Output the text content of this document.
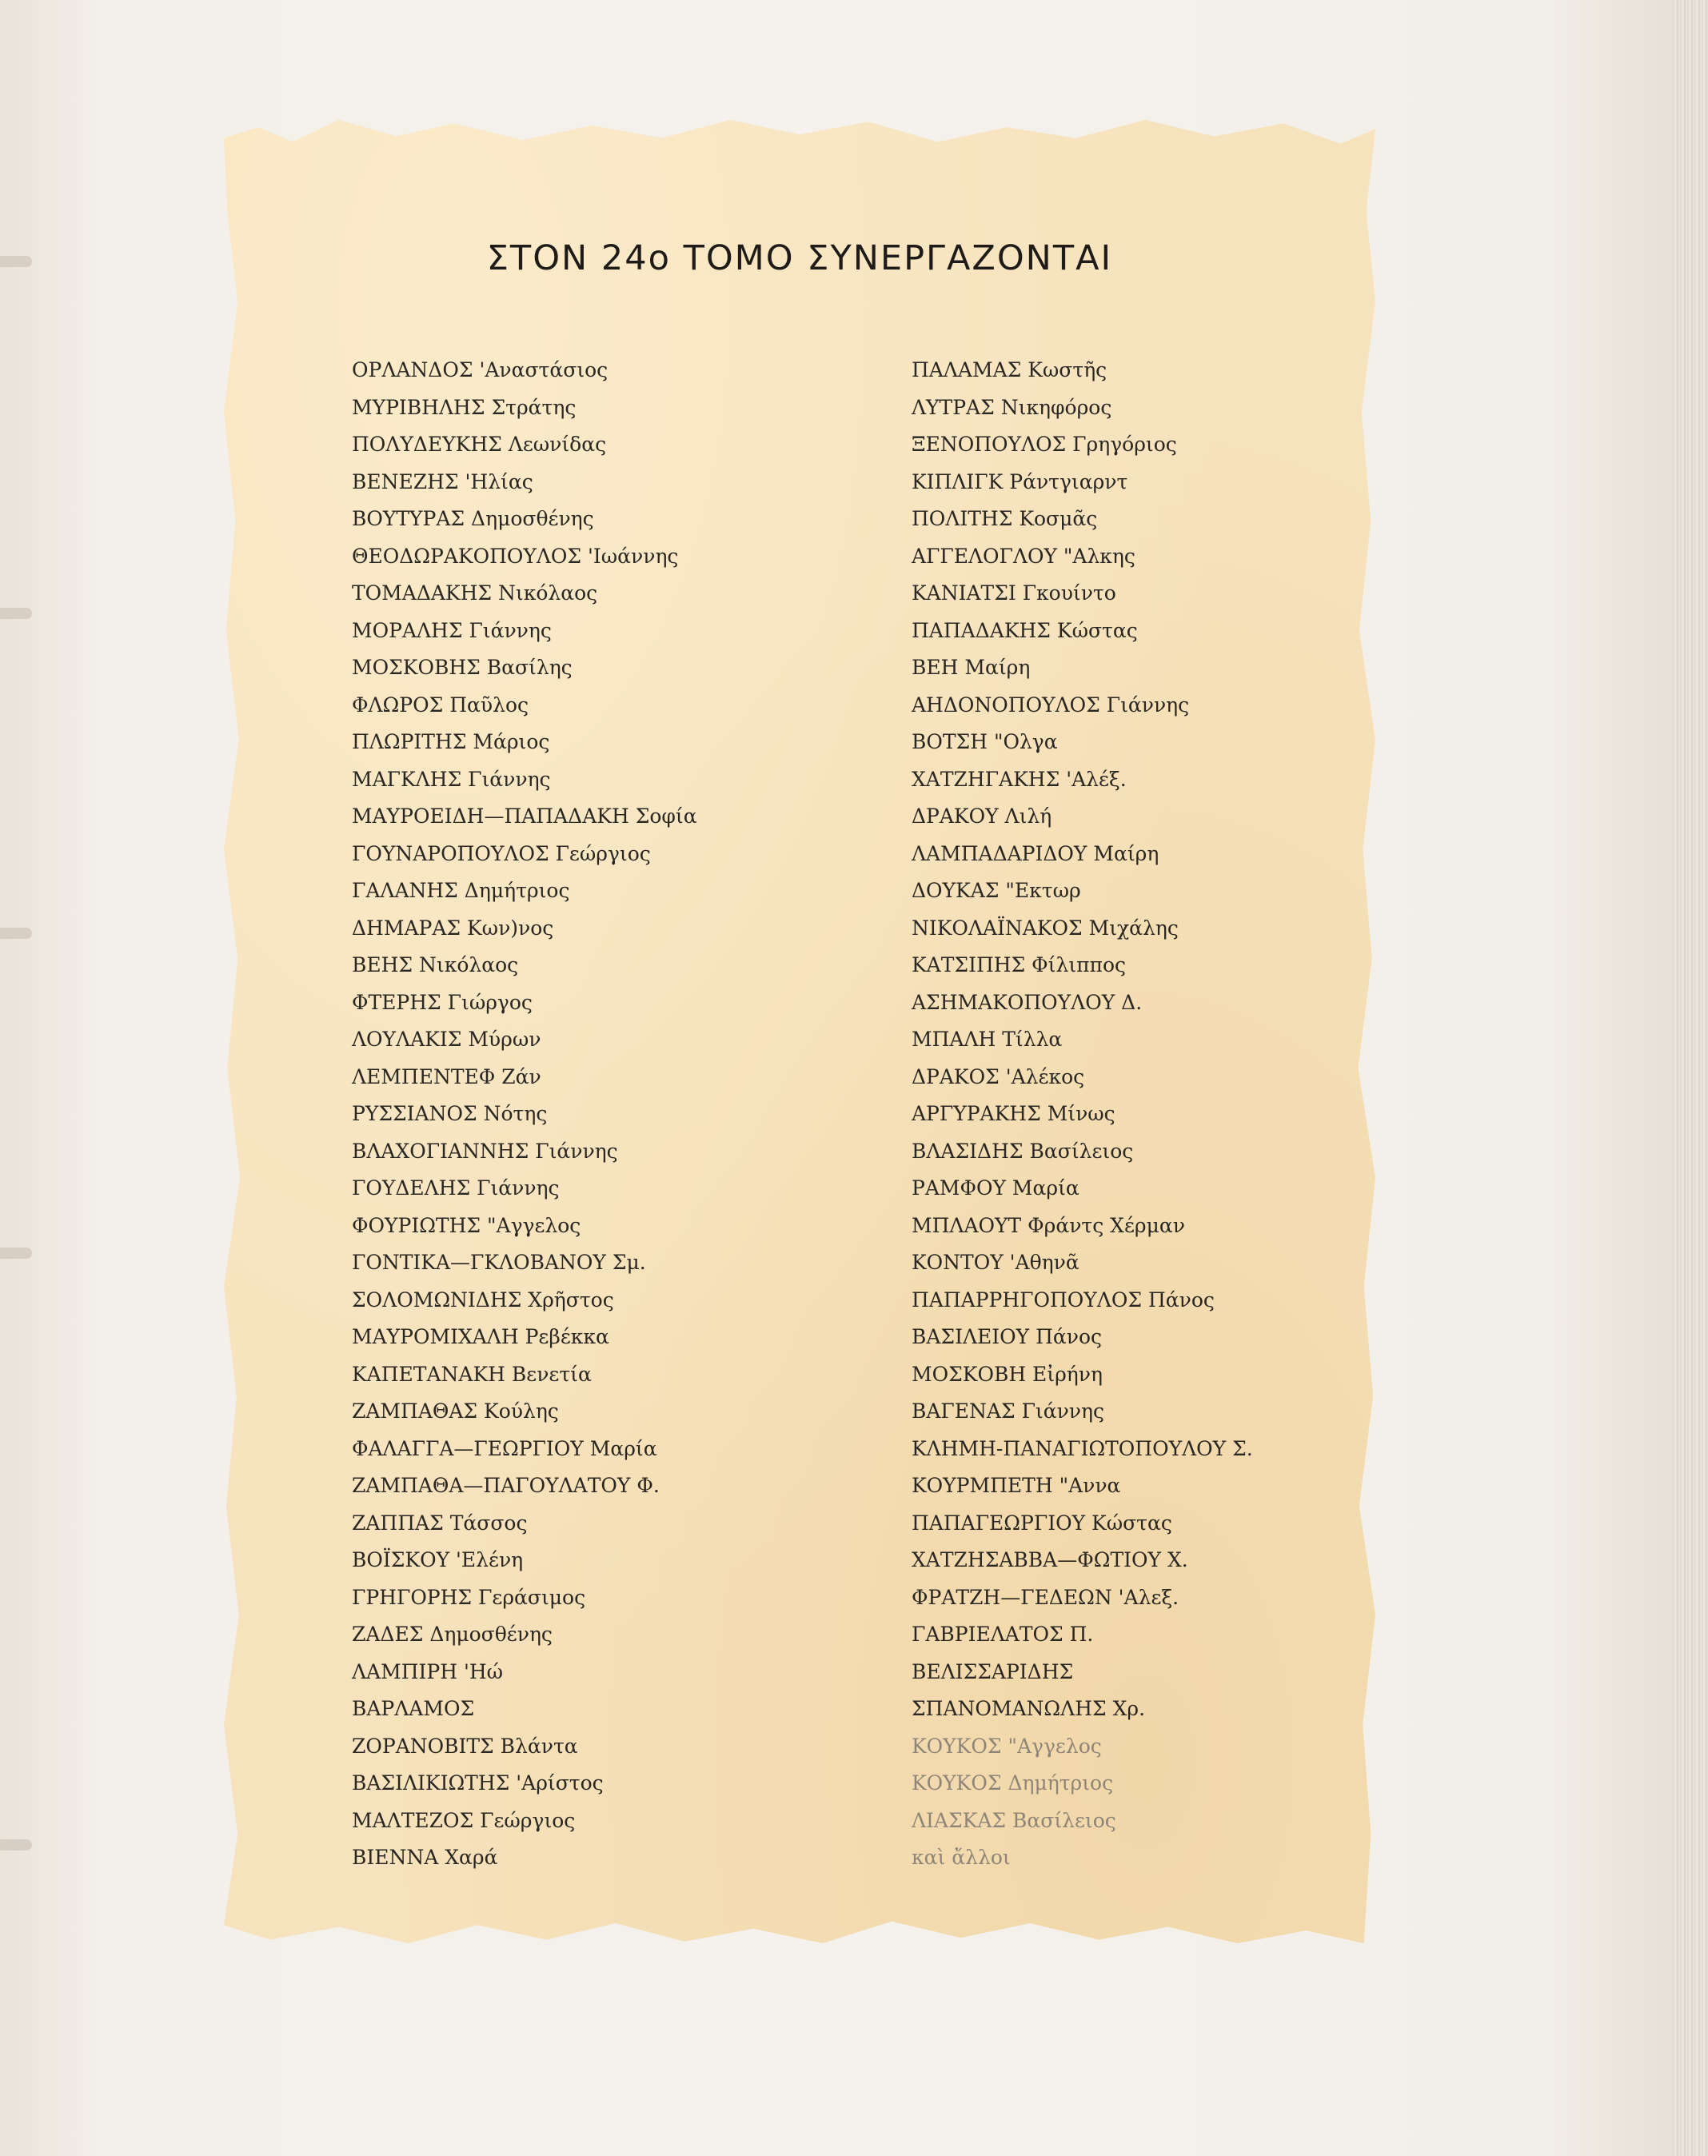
ΣΤΟΝ 24ο ΤΟΜΟ ΣΥΝΕΡΓΑΖΟΝΤΑΙ
ΟΡΛΑΝΔΟΣ 'Αναστάσιος
ΜΥΡΙΒΗΛΗΣ Στράτης
ΠΟΛΥΔΕΥΚΗΣ Λεωνίδας
ΒΕΝΕΖΗΣ 'Ηλίας
ΒΟΥΤΥΡΑΣ Δημοσθένης
ΘΕΟΔΩΡΑΚΟΠΟΥΛΟΣ 'Ιωάννης
ΤΟΜΑΔΑΚΗΣ Νικόλαος
ΜΟΡΑΛΗΣ Γιάννης
ΜΟΣΚΟΒΗΣ Βασίλης
ΦΛΩΡΟΣ Παῦλος
ΠΛΩΡΙΤΗΣ Μάριος
ΜΑΓΚΛΗΣ Γιάννης
ΜΑΥΡΟΕΙΔΗ—ΠΑΠΑΔΑΚΗ Σοφία
ΓΟΥΝΑΡΟΠΟΥΛΟΣ Γεώργιος
ΓΑΛΑΝΗΣ Δημήτριος
ΔΗΜΑΡΑΣ Κων)νος
ΒΕΗΣ Νικόλαος
ΦΤΕΡΗΣ Γιώργος
ΛΟΥΛΑΚΙΣ Μύρων
ΛΕΜΠΕΝΤΕΦ Ζάν
ΡΥΣΣΙΑΝΟΣ Νότης
ΒΛΑΧΟΓΙΑΝΝΗΣ Γιάννης
ΓΟΥΔΕΛΗΣ Γιάννης
ΦΟΥΡΙΩΤΗΣ "Αγγελος
ΓΟΝΤΙΚΑ—ΓΚΛΟΒΑΝΟΥ Σμ.
ΣΟΛΟΜΩΝΙΔΗΣ Χρῆστος
ΜΑΥΡΟΜΙΧΑΛΗ Ρεβέκκα
ΚΑΠΕΤΑΝΑΚΗ Βενετία
ΖΑΜΠΑΘΑΣ Κούλης
ΦΑΛΑΓΓΑ—ΓΕΩΡΓΙΟΥ Μαρία
ΖΑΜΠΑΘΑ—ΠΑΓΟΥΛΑΤΟΥ Φ.
ΖΑΠΠΑΣ Τάσσος
ΒΟΪΣΚΟΥ 'Ελένη
ΓΡΗΓΟΡΗΣ Γεράσιμος
ΖΑΔΕΣ Δημοσθένης
ΛΑΜΠΙΡΗ 'Ηώ
ΒΑΡΛΑΜΟΣ
ΖΟΡΑΝΟΒΙΤΣ Βλάντα
ΒΑΣΙΛΙΚΙΩΤΗΣ 'Αρίστος
ΜΑΛΤΕΖΟΣ Γεώργιος
ΒΙΕΝΝΑ Χαρά
ΠΑΛΑΜΑΣ Κωστῆς
ΛΥΤΡΑΣ Νικηφόρος
ΞΕΝΟΠΟΥΛΟΣ Γρηγόριος
ΚΙΠΛΙΓΚ Ράντγιαρντ
ΠΟΛΙΤΗΣ Κοσμᾶς
ΑΓΓΕΛΟΓΛΟΥ "Αλκης
ΚΑΝΙΑΤΣΙ Γκουίντο
ΠΑΠΑΔΑΚΗΣ Κώστας
ΒΕΗ Μαίρη
ΑΗΔΟΝΟΠΟΥΛΟΣ Γιάννης
ΒΟΤΣΗ "Ολγα
ΧΑΤΖΗΓΑΚΗΣ 'Αλέξ.
ΔΡΑΚΟΥ Λιλή
ΛΑΜΠΑΔΑΡΙΔΟΥ Μαίρη
ΔΟΥΚΑΣ "Εκτωρ
ΝΙΚΟΛΑΪΝΑΚΟΣ Μιχάλης
ΚΑΤΣΙΠΗΣ Φίλιππος
ΑΣΗΜΑΚΟΠΟΥΛΟΥ Δ.
ΜΠΑΛΗ Τίλλα
ΔΡΑΚΟΣ 'Αλέκος
ΑΡΓΥΡΑΚΗΣ Μίνως
ΒΛΑΣΙΔΗΣ Βασίλειος
ΡΑΜΦΟΥ Μαρία
ΜΠΛΑΟΥΤ Φράντς Χέρμαν
ΚΟΝΤΟΥ 'Αθηνᾶ
ΠΑΠΑΡΡΗΓΟΠΟΥΛΟΣ Πάνος
ΒΑΣΙΛΕΙΟΥ Πάνος
ΜΟΣΚΟΒΗ Εἰρήνη
ΒΑΓΕΝΑΣ Γιάννης
ΚΛΗΜΗ-ΠΑΝΑΓΙΩΤΟΠΟΥΛΟΥ Σ.
ΚΟΥΡΜΠΕΤΗ "Αννα
ΠΑΠΑΓΕΩΡΓΙΟΥ Κώστας
ΧΑΤΖΗΣΑΒΒΑ—ΦΩΤΙΟΥ Χ.
ΦΡΑΤΖΗ—ΓΕΔΕΩΝ 'Αλεξ.
ΓΑΒΡΙΕΛΑΤΟΣ Π.
ΒΕΛΙΣΣΑΡΙΔΗΣ
ΣΠΑΝΟΜΑΝΩΛΗΣ Χρ.
ΚΟΥΚΟΣ "Αγγελος
ΚΟΥΚΟΣ Δημήτριος
ΛΙΑΣΚΑΣ Βασίλειος
καὶ ἄλλοι
